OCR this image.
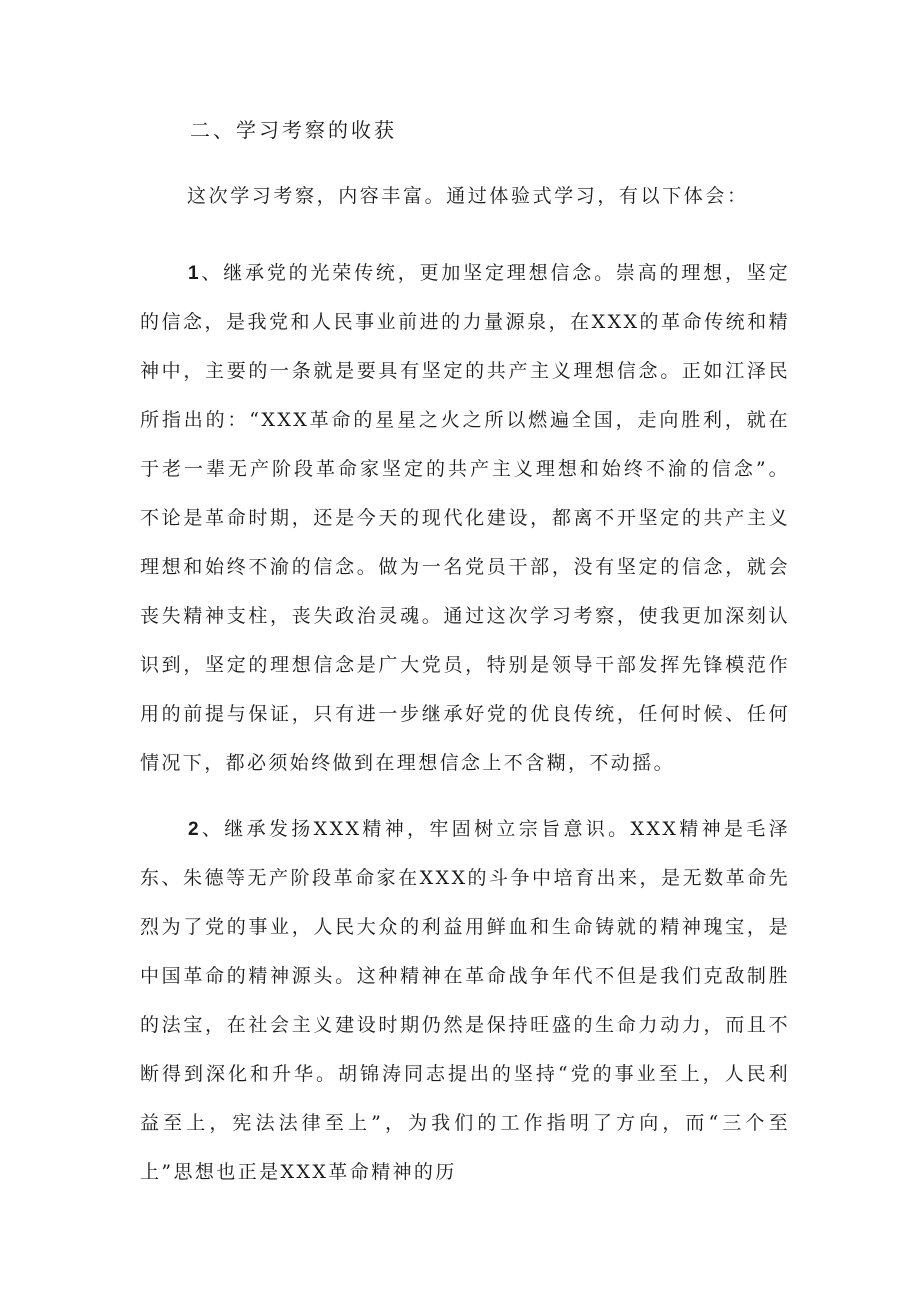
二、学习考察的收获

这次学习考察，内容丰富。通过体验式学习，有以下体会：

1、继承党的光荣传统，更加坚定理想信念。崇高的理想，坚定的信念，是我党和人民事业前进的力量源泉，在XXX的革命传统和精神中，主要的一条就是要具有坚定的共产主义理想信念。正如江泽民所指出的：“XXX革命的星星之火之所以燃遍全国，走向胜利，就在于老一辈无产阶段革命家坚定的共产主义理想和始终不渝的信念”。不论是革命时期，还是今天的现代化建设，都离不开坚定的共产主义理想和始终不渝的信念。做为一名党员干部，没有坚定的信念，就会丧失精神支柱，丧失政治灵魂。通过这次学习考察，使我更加深刻认识到，坚定的理想信念是广大党员，特别是领导干部发挥先锋模范作用的前提与保证，只有进一步继承好党的优良传统，任何时候、任何情况下，都必须始终做到在理想信念上不含糊，不动摇。

2、继承发扬XXX精神，牢固树立宗旨意识。XXX精神是毛泽东、朱德等无产阶段革命家在XXX的斗争中培育出来，是无数革命先烈为了党的事业，人民大众的利益用鲜血和生命铸就的精神瑰宝，是中国革命的精神源头。这种精神在革命战争年代不但是我们克敌制胜的法宝，在社会主义建设时期仍然是保持旺盛的生命力动力，而且不断得到深化和升华。胡锦涛同志提出的坚持“党的事业至上，人民利益至上，宪法法律至上”，为我们的工作指明了方向，而“三个至上”思想也正是XXX革命精神的历
